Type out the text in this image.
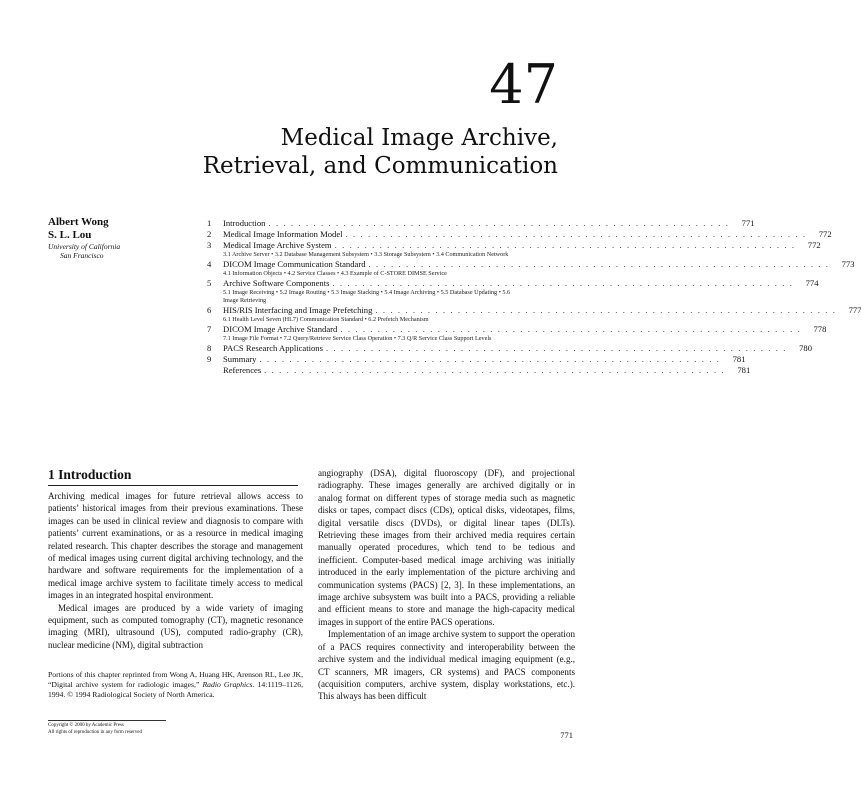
47
Medical Image Archive,
Retrieval, and Communication
Albert Wong
S. L. Lou
University of California
San Francisco
1	Introduction . . . . . . . . . . . . . . . . . . . . . . . . . . . . . . . . . . . . . . . . . . . . . . . . . . . . . . . . . . . . . .	771
2	Medical Image Information Model . . . . . . . . . . . . . . . . . . . . . . . . . . . . . . . . . . . . . . . . . . . . . . . . . . . . . . . . . . . . . .	772
3	Medical Image Archive System . . . . . . . . . . . . . . . . . . . . . . . . . . . . . . . . . . . . . . . . . . . . . . . . . . . . . . . . . . . . . .	772
3.1 Archive Server • 3.2 Database Management Subsystem • 3.3 Storage Subsystem • 3.4 Communication Network
4	DICOM Image Communication Standard . . . . . . . . . . . . . . . . . . . . . . . . . . . . . . . . . . . . . . . . . . . . . . . . . . . . . . . . . . . . . .	773
4.1 Information Objects • 4.2 Service Classes • 4.3 Example of C-STORE DIMSE Service
5	Archive Software Components . . . . . . . . . . . . . . . . . . . . . . . . . . . . . . . . . . . . . . . . . . . . . . . . . . . . . . . . . . . . . .	774
5.1 Image Receiving • 5.2 Image Routing • 5.3 Image Stacking • 5.4 Image Archiving • 5.5 Database Updating • 5.6 Image Retrieving
6	HIS/RIS Interfacing and Image Prefetching . . . . . . . . . . . . . . . . . . . . . . . . . . . . . . . . . . . . . . . . . . . . . . . . . . . . . . . . . . . . . .	777
6.1 Health Level Seven (HL7) Communication Standard • 6.2 Prefetch Mechanism
7	DICOM Image Archive Standard . . . . . . . . . . . . . . . . . . . . . . . . . . . . . . . . . . . . . . . . . . . . . . . . . . . . . . . . . . . . . .	778
7.1 Image File Format • 7.2 Query/Retrieve Service Class Operation • 7.3 Q/R Service Class Support Levels
8	PACS Research Applications . . . . . . . . . . . . . . . . . . . . . . . . . . . . . . . . . . . . . . . . . . . . . . . . . . . . . . . . . . . . . .	780
9	Summary . . . . . . . . . . . . . . . . . . . . . . . . . . . . . . . . . . . . . . . . . . . . . . . . . . . . . . . . . . . . . .	781
References . . . . . . . . . . . . . . . . . . . . . . . . . . . . . . . . . . . . . . . . . . . . . . . . . . . . . . . . . . . . . .	781
1 Introduction

Archiving medical images for future retrieval allows access to patients’ historical images from their previous examinations. These images can be used in clinical review and diagnosis to compare with patients’ current examinations, or as a resource in medical imaging related research. This chapter describes the storage and management of medical images using current digital archiving technology, and the hardware and software requirements for the implementation of a medical image archive system to facilitate timely access to medical images in an integrated hospital environment.

Medical images are produced by a wide variety of imaging equipment, such as computed tomography (CT), magnetic resonance imaging (MRI), ultrasound (US), computed radio-graphy (CR), nuclear medicine (NM), digital subtraction

angiography (DSA), digital fluoroscopy (DF), and projectional radiography. These images generally are archived digitally or in analog format on different types of storage media such as magnetic disks or tapes, compact discs (CDs), optical disks, videotapes, films, digital versatile discs (DVDs), or digital linear tapes (DLTs). Retrieving these images from their archived media requires certain manually operated procedures, which tend to be tedious and inefficient. Computer-based medical image archiving was initially introduced in the early implementation of the picture archiving and communication systems (PACS) [2, 3]. In these implementations, an image archive subsystem was built into a PACS, providing a reliable and efficient means to store and manage the high-capacity medical images in support of the entire PACS operations.

Implementation of an image archive system to support the operation of a PACS requires connectivity and interoperability between the archive system and the individual medical imaging equipment (e.g., CT scanners, MR imagers, CR systems) and PACS components (acquisition computers, archive system, display workstations, etc.). This always has been difficult

Portions of this chapter reprinted from Wong A, Huang HK, Arenson RL, Lee JK, “Digital archive system for radiologic images,” Radio Graphics. 14:1119–1126, 1994. © 1994 Radiological Society of North America.
Copyright © 2000 by Academic Press
All rights of reproduction in any form reserved	771
